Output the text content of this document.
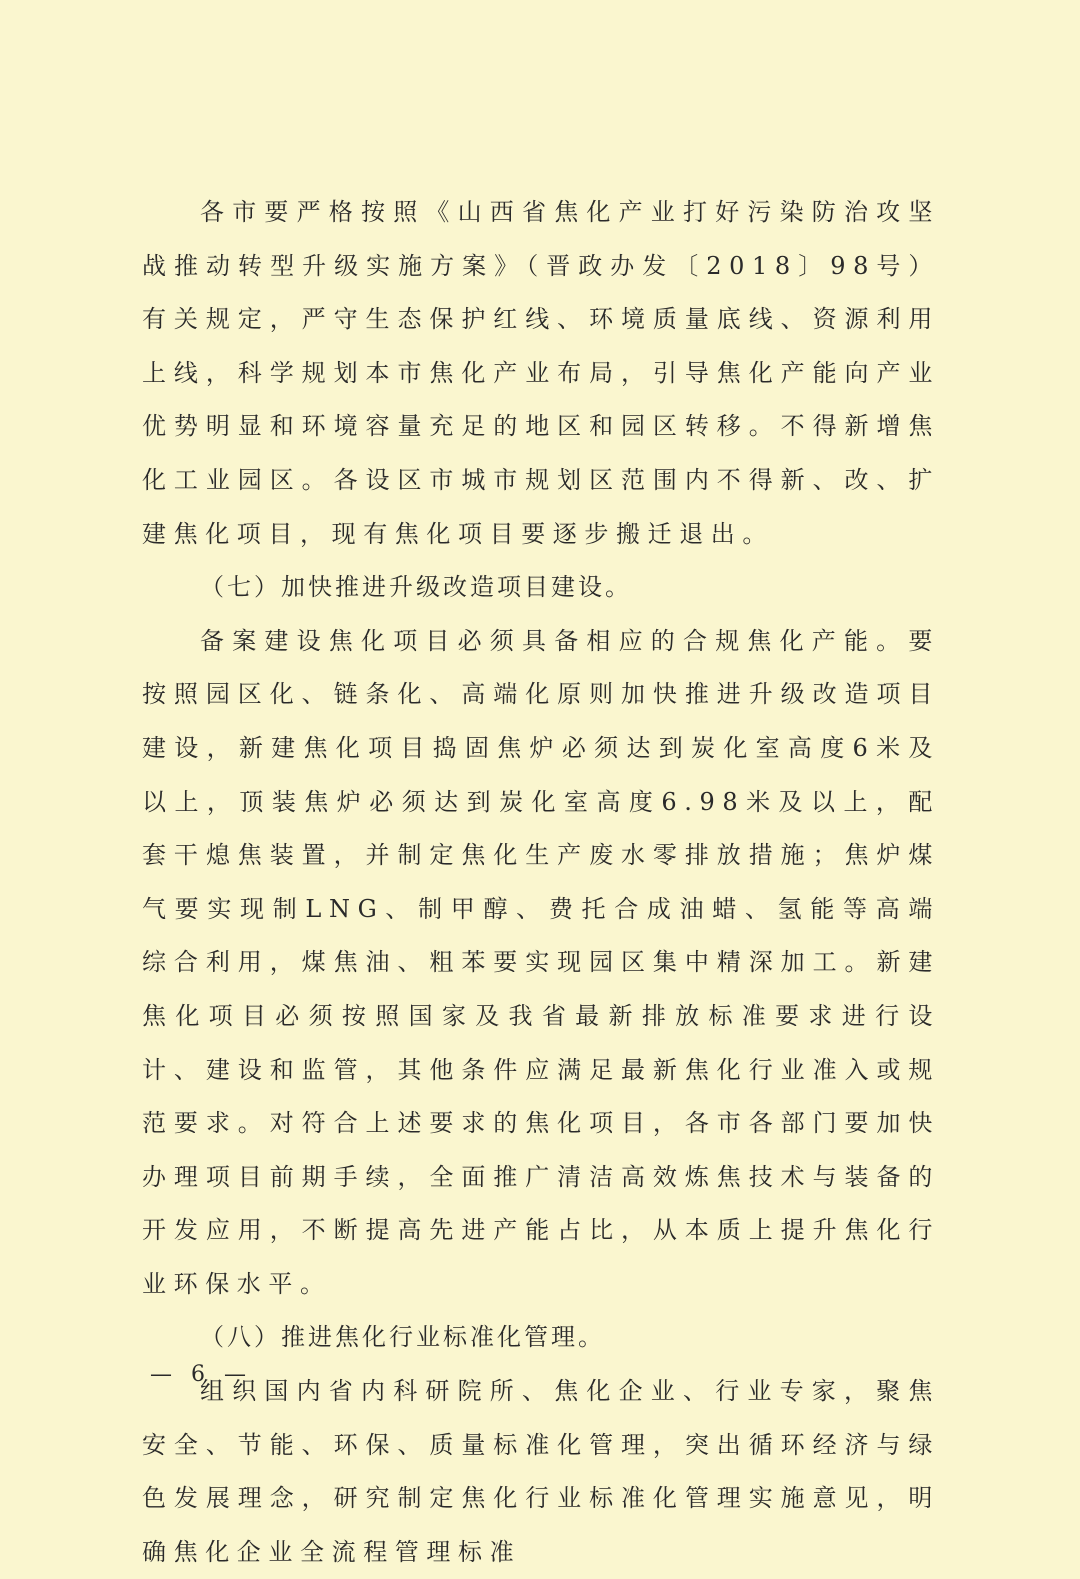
各市要严格按照《山西省焦化产业打好污染防治攻坚战推动转型升级实施方案》（晋政办发〔2018〕98号）有关规定，严守生态保护红线、环境质量底线、资源利用上线，科学规划本市焦化产业布局，引导焦化产能向产业优势明显和环境容量充足的地区和园区转移。不得新增焦化工业园区。各设区市城市规划区范围内不得新、改、扩建焦化项目，现有焦化项目要逐步搬迁退出。

（七）加快推进升级改造项目建设。

备案建设焦化项目必须具备相应的合规焦化产能。要按照园区化、链条化、高端化原则加快推进升级改造项目建设，新建焦化项目捣固焦炉必须达到炭化室高度6米及以上，顶装焦炉必须达到炭化室高度6.98米及以上，配套干熄焦装置，并制定焦化生产废水零排放措施；焦炉煤气要实现制LNG、制甲醇、费托合成油蜡、氢能等高端综合利用，煤焦油、粗苯要实现园区集中精深加工。新建焦化项目必须按照国家及我省最新排放标准要求进行设计、建设和监管，其他条件应满足最新焦化行业准入或规范要求。对符合上述要求的焦化项目，各市各部门要加快办理项目前期手续，全面推广清洁高效炼焦技术与装备的开发应用，不断提高先进产能占比，从本质上提升焦化行业环保水平。

（八）推进焦化行业标准化管理。

组织国内省内科研院所、焦化企业、行业专家，聚焦安全、节能、环保、质量标准化管理，突出循环经济与绿色发展理念，研究制定焦化行业标准化管理实施意见，明确焦化企业全流程管理标准

— 6 —
